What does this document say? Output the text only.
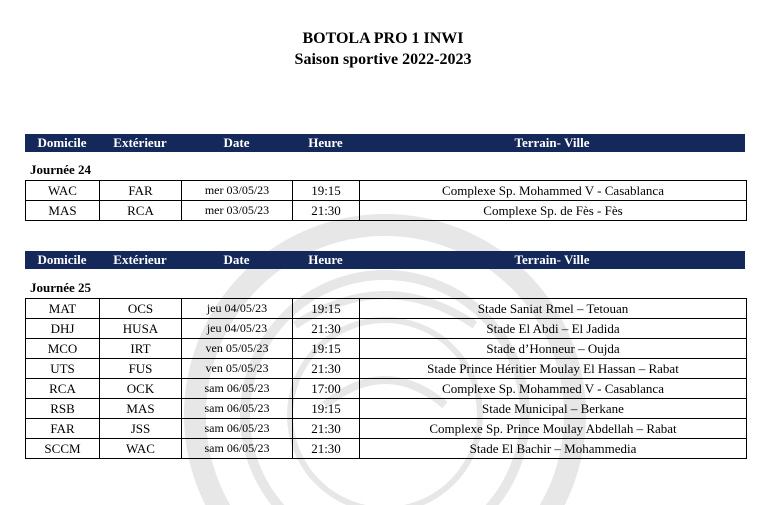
BOTOLA PRO 1 INWI
Saison sportive 2022-2023
Domicile	Extérieur	Date	Heure	Terrain- Ville
Journée 24
WAC	FAR	mer 03/05/23	19:15	Complexe Sp. Mohammed V - Casablanca
MAS	RCA	mer 03/05/23	21:30	Complexe Sp. de Fès - Fès
Domicile	Extérieur	Date	Heure	Terrain- Ville
Journée 25
MAT	OCS	jeu 04/05/23	19:15	Stade Saniat Rmel – Tetouan
DHJ	HUSA	jeu 04/05/23	21:30	Stade El Abdi – El Jadida
MCO	IRT	ven 05/05/23	19:15	Stade d’Honneur – Oujda
UTS	FUS	ven 05/05/23	21:30	Stade Prince Héritier Moulay El Hassan – Rabat
RCA	OCK	sam 06/05/23	17:00	Complexe Sp. Mohammed V - Casablanca
RSB	MAS	sam 06/05/23	19:15	Stade Municipal – Berkane
FAR	JSS	sam 06/05/23	21:30	Complexe Sp. Prince Moulay Abdellah – Rabat
SCCM	WAC	sam 06/05/23	21:30	Stade El Bachir – Mohammedia
